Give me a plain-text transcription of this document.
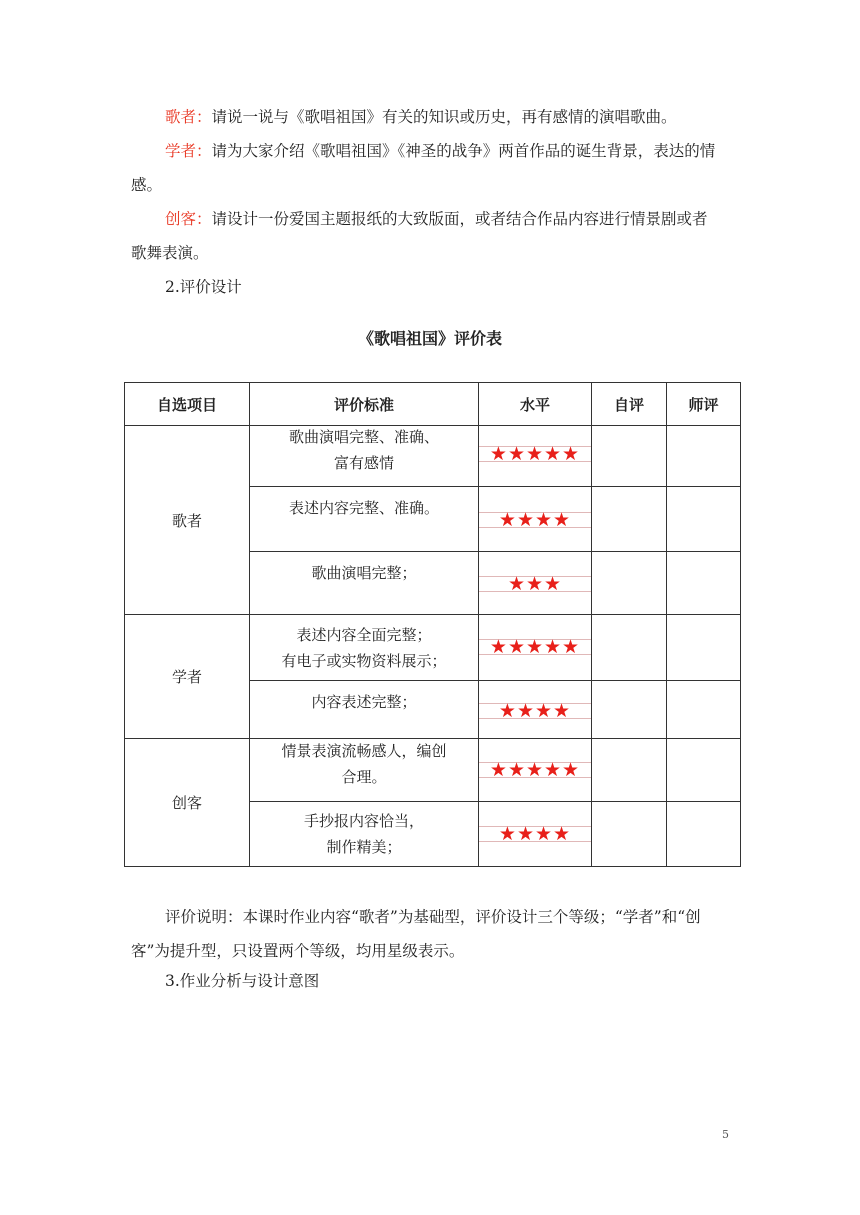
歌者：请说一说与《歌唱祖国》有关的知识或历史，再有感情的演唱歌曲。

学者：请为大家介绍《歌唱祖国》《神圣的战争》两首作品的诞生背景，表达的情感。

创客：请设计一份爱国主题报纸的大致版面，或者结合作品内容进行情景剧或者歌舞表演。

2.评价设计

《歌唱祖国》评价表
自选项目	评价标准	水平	自评	师评
歌者	歌曲演唱完整、准确、
富有感情	★★★★★		

	表述内容完整、准确。	★★★★		

	歌曲演唱完整；	★★★		

学者	表述内容全面完整；
有电子或实物资料展示；	★★★★★		

	内容表述完整；	★★★★		

创客	情景表演流畅感人，编创
合理。	★★★★★		

	手抄报内容恰当，
制作精美；	★★★★		

评价说明：本课时作业内容“歌者”为基础型，评价设计三个等级；“学者”和“创客”为提升型，只设置两个等级，均用星级表示。

3.作业分析与设计意图

5
